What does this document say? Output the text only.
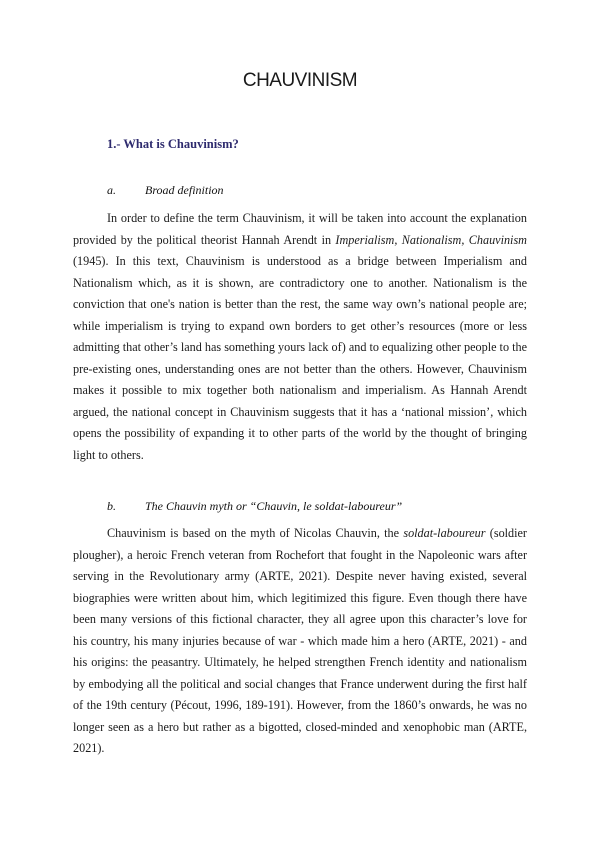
CHAUVINISM
1.- What is Chauvinism?
a. Broad definition
In order to define the term Chauvinism, it will be taken into account the explanation provided by the political theorist Hannah Arendt in Imperialism, Nationalism, Chauvinism (1945). In this text, Chauvinism is understood as a bridge between Imperialism and Nationalism which, as it is shown, are contradictory one to another. Nationalism is the conviction that one's nation is better than the rest, the same way own’s national people are; while imperialism is trying to expand own borders to get other’s resources (more or less admitting that other’s land has something yours lack of) and to equalizing other people to the pre-existing ones, understanding ones are not better than the others. However, Chauvinism makes it possible to mix together both nationalism and imperialism. As Hannah Arendt argued, the national concept in Chauvinism suggests that it has a ‘national mission’, which opens the possibility of expanding it to other parts of the world by the thought of bringing light to others.
b. The Chauvin myth or “Chauvin, le soldat-laboureur”
Chauvinism is based on the myth of Nicolas Chauvin, the soldat-laboureur (soldier plougher), a heroic French veteran from Rochefort that fought in the Napoleonic wars after serving in the Revolutionary army (ARTE, 2021). Despite never having existed, several biographies were written about him, which legitimized this figure. Even though there have been many versions of this fictional character, they all agree upon this character’s love for his country, his many injuries because of war - which made him a hero (ARTE, 2021) - and his origins: the peasantry. Ultimately, he helped strengthen French identity and nationalism by embodying all the political and social changes that France underwent during the first half of the 19th century (Pécout, 1996, 189-191). However, from the 1860’s onwards, he was no longer seen as a hero but rather as a bigotted, closed-minded and xenophobic man (ARTE, 2021).
